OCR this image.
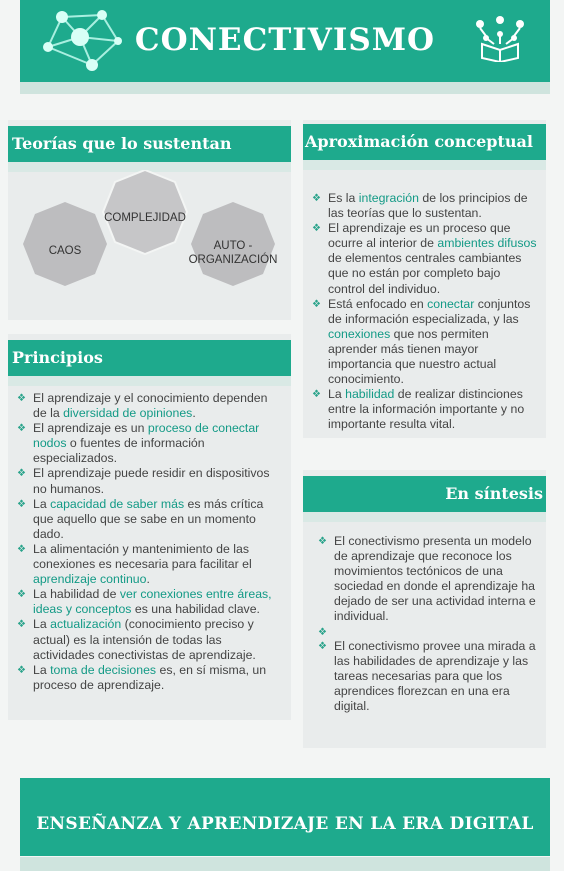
CONECTIVISMO
Teorías que lo sustentan
CAOS
COMPLEJIDAD
AUTO -
ORGANIZACIÓN
Aproximación conceptual
❖ Es la integración de los principios de las teorías que lo sustentan.
❖ El aprendizaje es un proceso que ocurre al interior de ambientes difusos de elementos centrales cambiantes que no están por completo bajo control del individuo.
❖ Está enfocado en conectar conjuntos de información especializada, y las conexiones que nos permiten aprender más tienen mayor importancia que nuestro actual conocimiento.
❖ La habilidad de realizar distinciones entre la información importante y no importante resulta vital.
Principios
❖ El aprendizaje y el conocimiento dependen de la diversidad de opiniones.
❖ El aprendizaje es un proceso de conectar nodos o fuentes de información especializados.
❖ El aprendizaje puede residir en dispositivos no humanos.
❖ La capacidad de saber más es más crítica que aquello que se sabe en un momento dado.
❖ La alimentación y mantenimiento de las conexiones es necesaria para facilitar el aprendizaje continuo.
❖ La habilidad de ver conexiones entre áreas, ideas y conceptos es una habilidad clave.
❖ La actualización (conocimiento preciso y actual) es la intensión de todas las actividades conectivistas de aprendizaje.
❖ La toma de decisiones es, en sí misma, un proceso de aprendizaje.
En síntesis
❖ El conectivismo presenta un modelo de aprendizaje que reconoce los movimientos tectónicos de una sociedad en donde el aprendizaje ha dejado de ser una actividad interna e individual.
❖
❖ El conectivismo provee una mirada a las habilidades de aprendizaje y las tareas necesarias para que los aprendices florezcan en una era digital.
ENSEÑANZA Y APRENDIZAJE EN LA ERA DIGITAL
